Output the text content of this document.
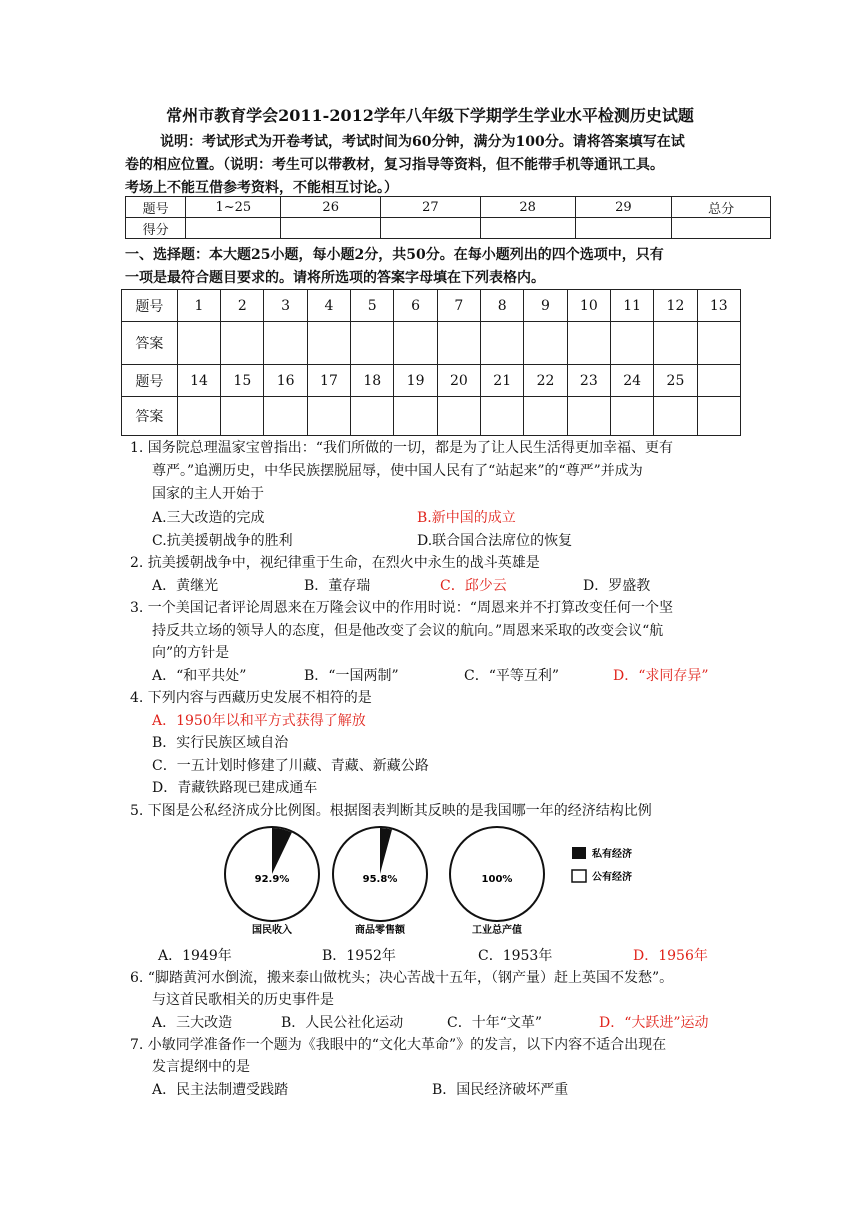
常州市教育学会2011-2012学年八年级下学期学生学业水平检测历史试题
说明：考试形式为开卷考试，考试时间为60分钟，满分为100分。请将答案填写在试
卷的相应位置。（说明：考生可以带教材，复习指导等资料，但不能带手机等通讯工具。
考场上不能互借参考资料，不能相互讨论。）
题号	1~25	26	27	28	29	总分
得分						
一、选择题：本大题25小题，每小题2分，共50分。在每小题列出的四个选项中，只有
一项是最符合题目要求的。请将所选项的答案字母填在下列表格内。
题号	1	2	3	4	5	6	7	8	9	10	11	12	13
答案													
题号	14	15	16	17	18	19	20	21	22	23	24	25	
答案													
1. 国务院总理温家宝曾指出：“我们所做的一切，都是为了让人民生活得更加幸福、更有
尊严。”追溯历史，中华民族摆脱屈辱，使中国人民有了“站起来”的“尊严”并成为
国家的主人开始于
A.三大改造的完成	B.新中国的成立
C.抗美援朝战争的胜利	D.联合国合法席位的恢复
2. 抗美援朝战争中，视纪律重于生命，在烈火中永生的战斗英雄是
A．黄继光	B．董存瑞	C．邱少云	D．罗盛教
3. 一个美国记者评论周恩来在万隆会议中的作用时说：“周恩来并不打算改变任何一个坚
持反共立场的领导人的态度，但是他改变了会议的航向。”周恩来采取的改变会议“航
向”的方针是
A．“和平共处”	B．“一国两制”	C．“平等互利”	D．“求同存异”
4. 下列内容与西藏历史发展不相符的是
A．1950年以和平方式获得了解放
B．实行民族区域自治
C．一五计划时修建了川藏、青藏、新藏公路
D．青藏铁路现已建成通车
5. 下图是公私经济成分比例图。根据图表判断其反映的是我国哪一年的经济结构比例
92.9%
国民收入
95.8%
商品零售额
100%
工业总产值
私有经济
公有经济
A．1949年	B．1952年	C．1953年	D．1956年
6. “脚踏黄河水倒流，搬来泰山做枕头；决心苦战十五年，（钢产量）赶上英国不发愁”。
与这首民歌相关的历史事件是
A．三大改造	B．人民公社化运动	C．十年“文革”	D．“大跃进”运动
7. 小敏同学准备作一个题为《我眼中的“文化大革命”》的发言，以下内容不适合出现在
发言提纲中的是
A．民主法制遭受践踏	B．国民经济破坏严重
